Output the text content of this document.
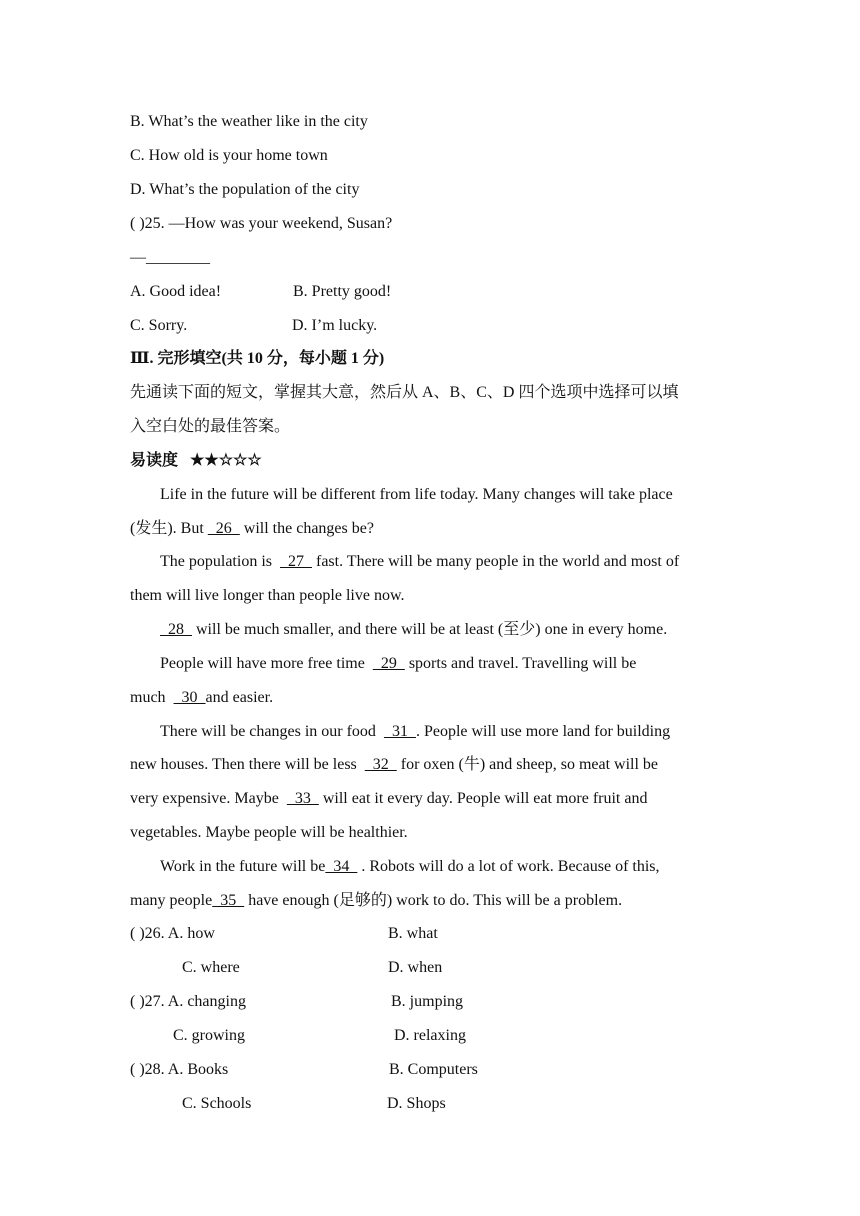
B. What’s the weather like in the city
C. How old is your home town
D. What’s the population of the city
( )25. —How was your weekend, Susan?
—________
A. Good idea!	B. Pretty good!
C. Sorry.	D. I’m lucky.
Ⅲ. 完形填空(共 10 分，每小题 1 分)
先通读下面的短文，掌握其大意，然后从 A、B、C、D 四个选项中选择可以填
入空白处的最佳答案。
易读度 ★★☆☆☆
Life in the future will be different from life today. Many changes will take place
(发生). But   26   will the changes be?
The population is    27   fast. There will be many people in the world and most of
them will live longer than people live now.
28   will be much smaller, and there will be at least (至少) one in every home.
People will have more free time    29   sports and travel. Travelling will be
much    30  and easier.
There will be changes in our food    31  . People will use more land for building
new houses. Then there will be less    32   for oxen (牛) and sheep, so meat will be
very expensive. Maybe    33   will eat it every day. People will eat more fruit and
vegetables. Maybe people will be healthier.
Work in the future will be  34   . Robots will do a lot of work. Because of this,
many people  35   have enough (足够的) work to do. This will be a problem.
( )26. A. how	B. what
C. where	D. when
( )27. A. changing	B. jumping
C. growing	D. relaxing
( )28. A. Books	B. Computers
C. Schools	D. Shops
